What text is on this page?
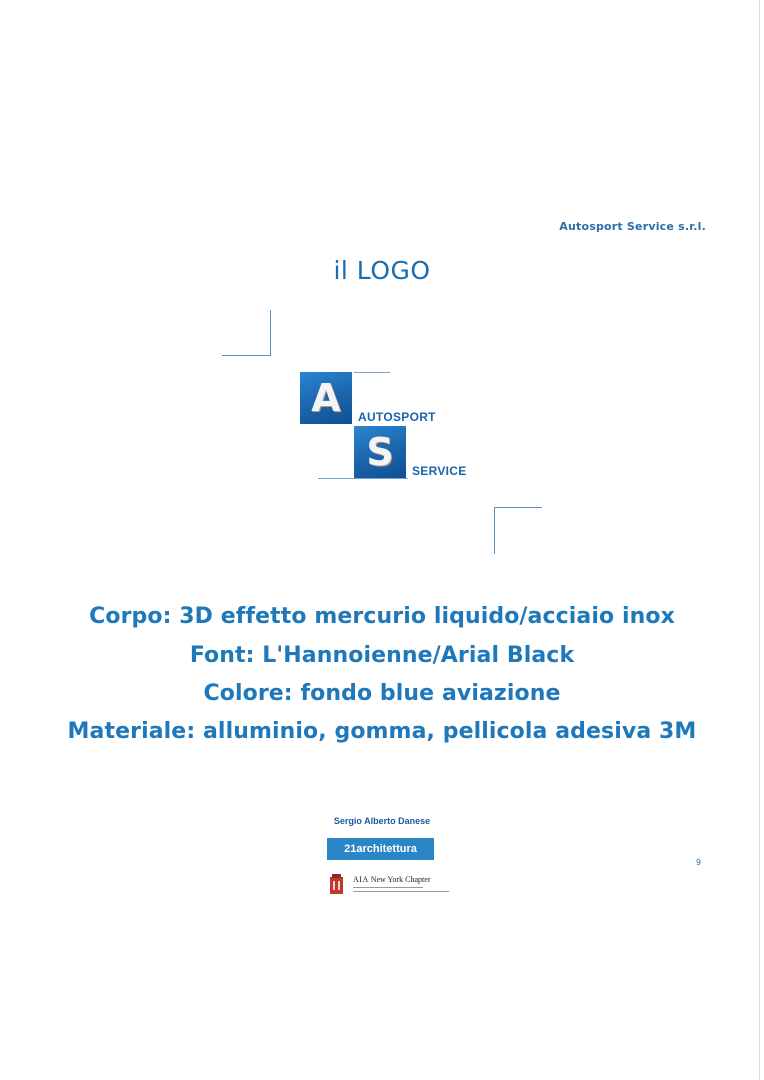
Autosport Service s.r.l.
il LOGO
A AUTOSPORT
S SERVICE
Corpo: 3D effetto mercurio liquido/acciaio inox
Font: L'Hannoienne/Arial Black
Colore: fondo blue aviazione
Materiale: alluminio, gomma, pellicola adesiva 3M
Sergio Alberto Danese
21architettura
AIA New York Chapter
9
